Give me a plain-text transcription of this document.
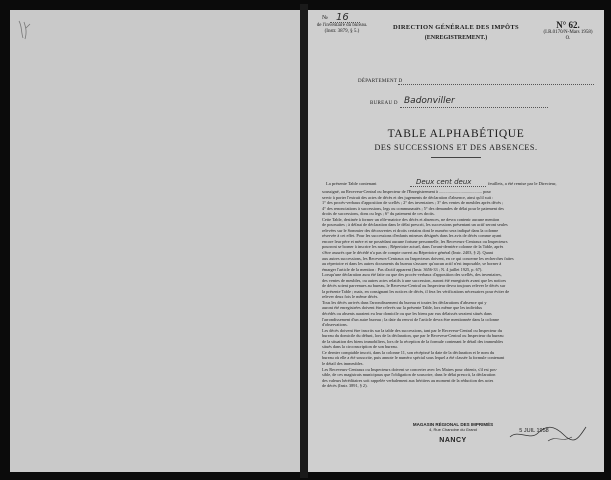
№ 16
de l'inventaire du bureau.
(Instr. 3879, § 5.)
DIRECTION GÉNÉRALE DES IMPÔTS
(ENREGISTREMENT.)
N° 62.
(I.R.0170/N-Mars 1958)
O.
DÉPARTEMENT D
BUREAU D Badonviller
TABLE ALPHABÉTIQUE
DES SUCCESSIONS ET DES ABSENCES.
La présente Table contenant	Deux cent deux	feuillets, a été remise par le Directeur,
soussigné, au Receveur-Central ou Inspecteur de l'Enregistrement à ........................................ pour
servir à porter l'extrait des actes de décès et des jugements de déclaration d'absence, ainsi qu'il suit :
1° des procès-verbaux d'apposition de scellés ; 2° des inventaires ; 3° des ventes de meubles après décès ;
4° des renonciations à successions, legs ou communautés ; 5° des demandes de délai pour le paiement des
droits de successions, dons ou legs ; 6° du paiement de ces droits.
Cette Table, destinée à former un rôle-matrice des décès et absences, ne devra contenir aucune mention
de poursuites ; à défaut de déclaration dans le délai prescrit, les successions présentant un actif seront seules
relevées sur le Sommier des découvertes et droits certains dont le numéro sera indiqué dans la colonne
réservée à cet effet. Pour les successions d'enfants mineurs désignés dans les avis de décès comme ayant
encore leur père et mère et ne possédant aucune fortune personnelle, les Receveurs-Centraux ou Inspecteurs
pourront se borner à inscrire les noms ; Répertoire actuel, dans l'avant-dernière colonne de la Table, après
s'être assurés que le décédé n'a pas de compte ouvert au Répertoire général (Instr. 2403, § 2). Quant
aux autres successions, les Receveurs-Centraux ou Inspecteurs doivent, en ce qui concerne les recherches faites
au répertoire et dans les autres documents du bureau s'assurer qu'aucun actif n'est imposable, se borner à
émarger l'article de la mention : Pas d'actif apparent (Instr. 3656-33 ; N. 4 juillet 1925, p. 67).
Lorsqu'une déclaration aura été faite ou que des procès-verbaux d'apposition des scellés, des inventaires,
des ventes de meubles, ou autres actes relatifs à une succession, auront été enregistrés avant que les notices
de décès soient parvenues au bureau, le Receveur-Central ou Inspecteur devra toujours relever le décès sur
la présente Table ; mais, en consignant les notices de décès, il fera les vérifications nécessaires pour éviter de
relever deux fois le même décès.
Tous les décès arrivés dans l'arrondissement du bureau et toutes les déclarations d'absence qui y
auront été enregistrées doivent être relevés sur la présente Table, lors même que les individus
décédés ou absents auraient eu leur domicile ou que les biens par eux délaissés seraient situés dans
l'arrondissement d'un autre bureau ; la date du renvoi de l'article devra être mentionnée dans la colonne
d'observations.
Les décès doivent être inscrits sur la table des successions, tant par le Receveur-Central ou Inspecteur du
bureau du domicile du défunt, lors de la déclaration, que par le Receveur-Central ou Inspecteur du bureau
de la situation des biens immobiliers, lors de la réception de la formule contenant le détail des immeubles
situés dans la circonscription de son bureau.
Ce dernier comptable inscrit, dans la colonne 11, son récépissé la date de la déclaration et le nom du
bureau où elle a été souscrite, puis annote le numéro spécial sous lequel a été classée la formule contenant
le détail des immeubles.
Les Receveurs-Centraux ou Inspecteurs doivent se concerter avec les Maires pour obtenir, s'il est pos-
sible, de ces magistrats municipaux que l'obligation de souscrire, dans le délai prescrit, la déclaration
des valeurs héréditaires soit rappelée verbalement aux héritiers au moment de la réduction des actes
de décès (Instr. 3891, § 2).
MAGASIN RÉGIONAL DES IMPRIMÉS
4, Rue Chanoine du Grand
NANCY
5 JUIL 1958
